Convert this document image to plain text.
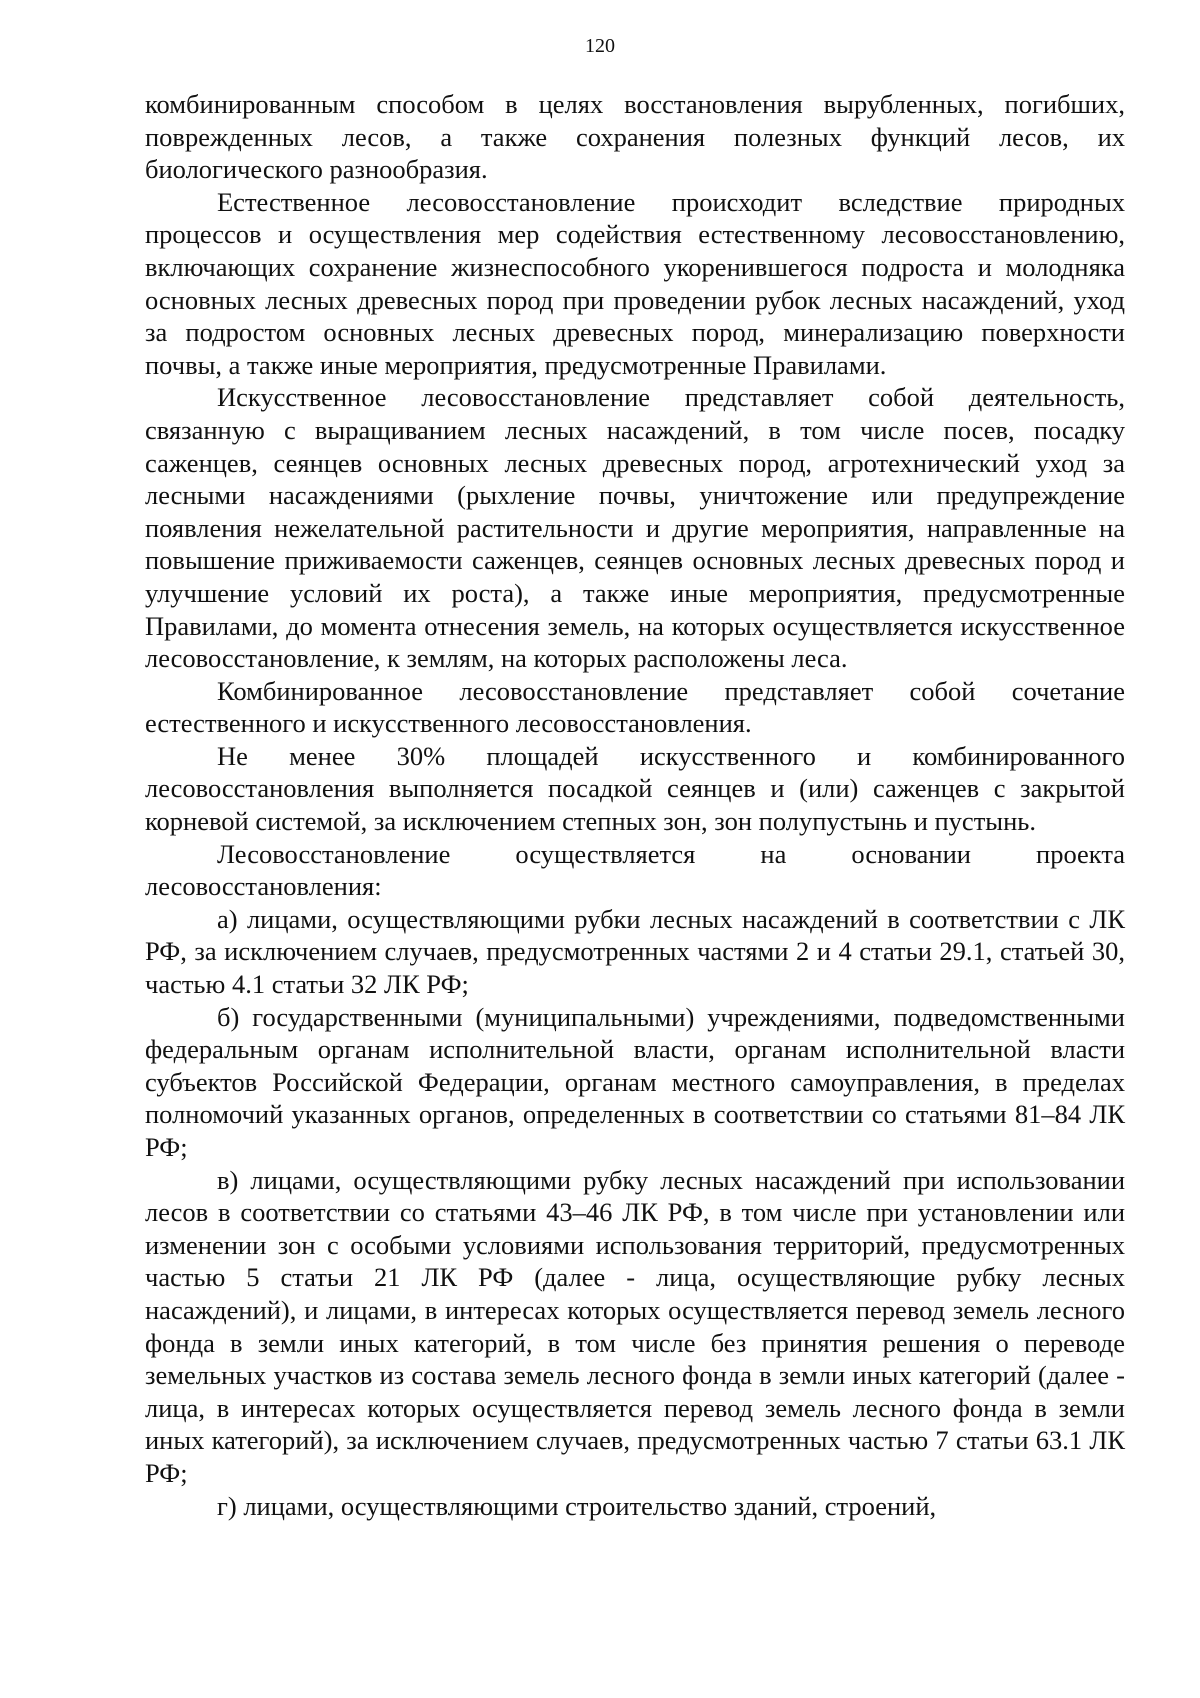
120

комбинированным способом в целях восстановления вырубленных, погибших, поврежденных лесов, а также сохранения полезных функций лесов, их биологического разнообразия.

Естественное лесовосстановление происходит вследствие природных процессов и осуществления мер содействия естественному лесовосстановлению, включающих сохранение жизнеспособного укоренившегося подроста и молодняка основных лесных древесных пород при проведении рубок лесных насаждений, уход за подростом основных лесных древесных пород, минерализацию поверхности почвы, а также иные мероприятия, предусмотренные Правилами.

Искусственное лесовосстановление представляет собой деятельность, связанную с выращиванием лесных насаждений, в том числе посев, посадку саженцев, сеянцев основных лесных древесных пород, агротехнический уход за лесными насаждениями (рыхление почвы, уничтожение или предупреждение появления нежелательной растительности и другие мероприятия, направленные на повышение приживаемости саженцев, сеянцев основных лесных древесных пород и улучшение условий их роста), а также иные мероприятия, предусмотренные Правилами, до момента отнесения земель, на которых осуществляется искусственное лесовосстановление, к землям, на которых расположены леса.

Комбинированное лесовосстановление представляет собой сочетание естественного и искусственного лесовосстановления.

Не менее 30% площадей искусственного и комбинированного лесовосстановления выполняется посадкой сеянцев и (или) саженцев с закрытой корневой системой, за исключением степных зон, зон полупустынь и пустынь.

Лесовосстановление осуществляется на основании проекта лесовосстановления:

а) лицами, осуществляющими рубки лесных насаждений в соответствии с ЛК РФ, за исключением случаев, предусмотренных частями 2 и 4 статьи 29.1, статьей 30, частью 4.1 статьи 32 ЛК РФ;

б) государственными (муниципальными) учреждениями, подведомственными федеральным органам исполнительной власти, органам исполнительной власти субъектов Российской Федерации, органам местного самоуправления, в пределах полномочий указанных органов, определенных в соответствии со статьями 81–84 ЛК РФ;

в) лицами, осуществляющими рубку лесных насаждений при использовании лесов в соответствии со статьями 43–46 ЛК РФ, в том числе при установлении или изменении зон с особыми условиями использования территорий, предусмотренных частью 5 статьи 21 ЛК РФ (далее - лица, осуществляющие рубку лесных насаждений), и лицами, в интересах которых осуществляется перевод земель лесного фонда в земли иных категорий, в том числе без принятия решения о переводе земельных участков из состава земель лесного фонда в земли иных категорий (далее - лица, в интересах которых осуществляется перевод земель лесного фонда в земли иных категорий), за исключением случаев, предусмотренных частью 7 статьи 63.1 ЛК РФ;

г) лицами, осуществляющими строительство зданий, строений,
